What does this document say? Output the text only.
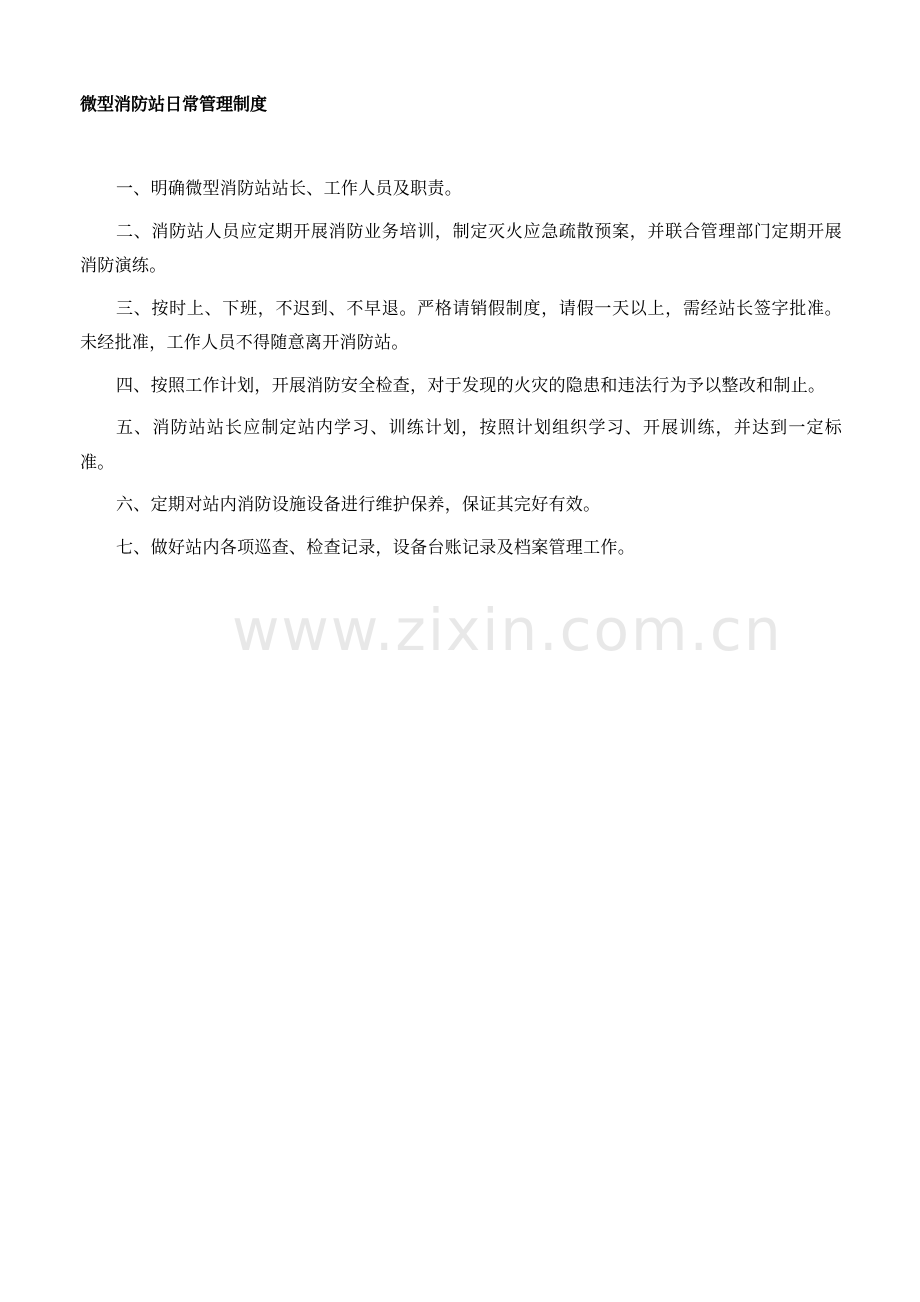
微型消防站日常管理制度

一、明确微型消防站站长、工作人员及职责。

二、消防站人员应定期开展消防业务培训，制定灭火应急疏散预案，并联合管理部门定期开展消防演练。

三、按时上、下班，不迟到、不早退。严格请销假制度，请假一天以上，需经站长签字批准。未经批准，工作人员不得随意离开消防站。

四、按照工作计划，开展消防安全检查，对于发现的火灾的隐患和违法行为予以整改和制止。

五、消防站站长应制定站内学习、训练计划，按照计划组织学习、开展训练，并达到一定标准。

六、定期对站内消防设施设备进行维护保养，保证其完好有效。

七、做好站内各项巡查、检查记录，设备台账记录及档案管理工作。

www.zixin.com.cn
